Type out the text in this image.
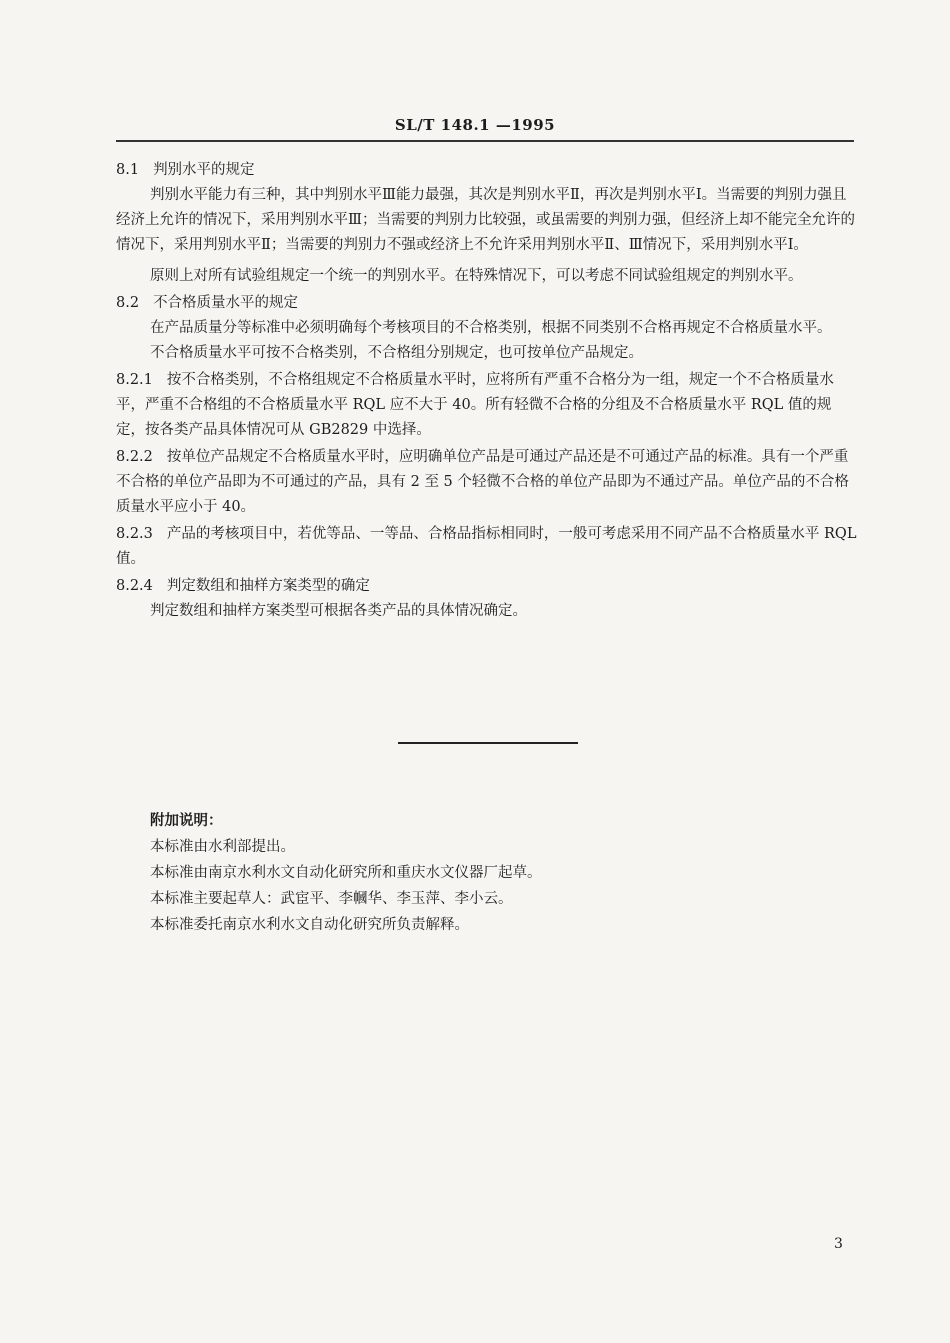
SL/T 148.1 —1995

8.1 判别水平的规定

判别水平能力有三种，其中判别水平Ⅲ能力最强，其次是判别水平Ⅱ，再次是判别水平Ⅰ。当需要的判别力强且经济上允许的情况下，采用判别水平Ⅲ；当需要的判别力比较强，或虽需要的判别力强，但经济上却不能完全允许的情况下，采用判别水平Ⅱ；当需要的判别力不强或经济上不允许采用判别水平Ⅱ、Ⅲ情况下，采用判别水平Ⅰ。

原则上对所有试验组规定一个统一的判别水平。在特殊情况下，可以考虑不同试验组规定的判别水平。

8.2 不合格质量水平的规定

在产品质量分等标准中必须明确每个考核项目的不合格类别，根据不同类别不合格再规定不合格质量水平。

不合格质量水平可按不合格类别，不合格组分别规定，也可按单位产品规定。

8.2.1 按不合格类别，不合格组规定不合格质量水平时，应将所有严重不合格分为一组，规定一个不合格质量水平，严重不合格组的不合格质量水平 RQL 应不大于 40。所有轻微不合格的分组及不合格质量水平 RQL 值的规定，按各类产品具体情况可从 GB2829 中选择。

8.2.2 按单位产品规定不合格质量水平时，应明确单位产品是可通过产品还是不可通过产品的标准。具有一个严重不合格的单位产品即为不可通过的产品，具有 2 至 5 个轻微不合格的单位产品即为不通过产品。单位产品的不合格质量水平应小于 40。

8.2.3 产品的考核项目中，若优等品、一等品、合格品指标相同时，一般可考虑采用不同产品不合格质量水平 RQL 值。

8.2.4 判定数组和抽样方案类型的确定

判定数组和抽样方案类型可根据各类产品的具体情况确定。

附加说明：
本标准由水利部提出。
本标准由南京水利水文自动化研究所和重庆水文仪器厂起草。
本标准主要起草人：武宦平、李幗华、李玉萍、李小云。
本标准委托南京水利水文自动化研究所负责解释。
3
